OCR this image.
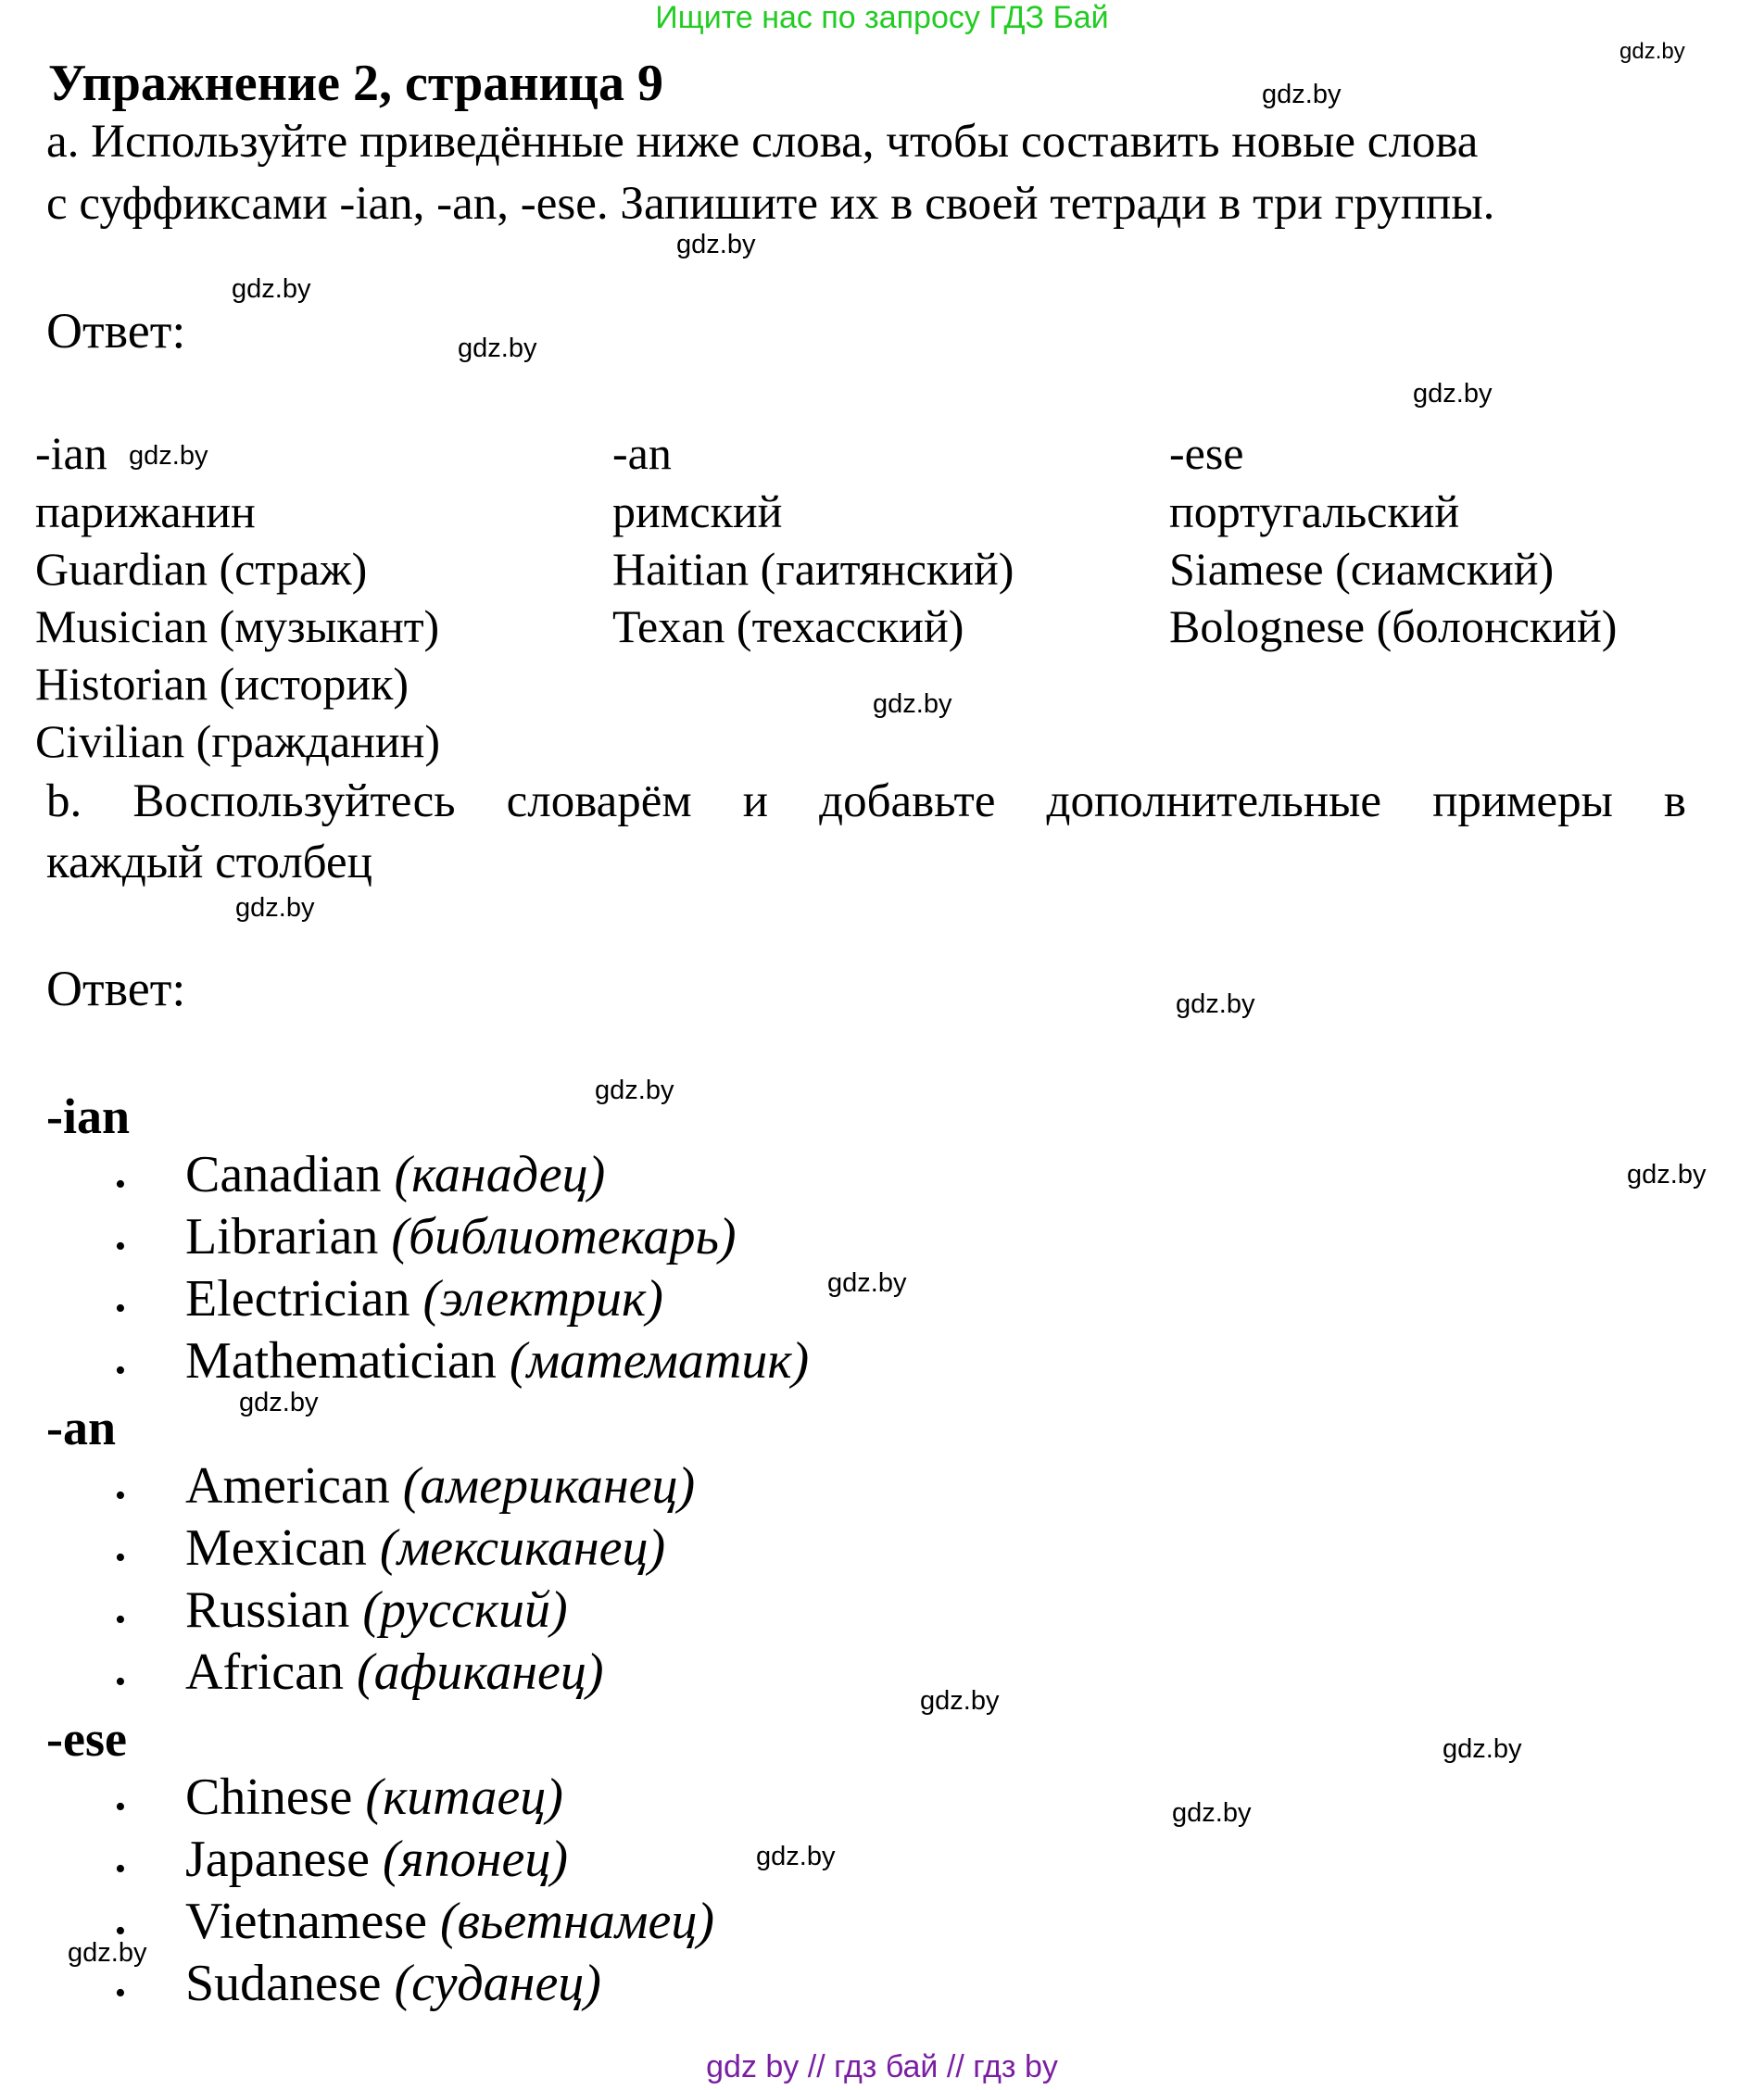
Ищите нас по запросу ГДЗ Бай
Упражнение 2, страница 9
а. Используйте приведённые ниже слова, чтобы составить новые слова
с суффиксами -ian, -an, -ese. Запишите их в своей тетради в три группы.
Ответ:
-ian
парижанин
Guardian (страж)
Musician (музыкант)
Historian (историк)
Civilian (гражданин)
-an
римский
Haitian (гаитянский)
Texan (техасский)
-ese
португальский
Siamese (сиамский)
Bolognese (болонский)
b. Воспользуйтесь словарём и добавьте дополнительные примеры в
каждый столбец
Ответ:
-ian
• Canadian (канадец)
• Librarian (библиотекарь)
• Electrician (электрик)
• Mathematician (математик)
-an
• American (американец)
• Mexican (мексиканец)
• Russian (русский)
• African (афиканец)
-ese
• Chinese (китаец)
• Japanese (японец)
• Vietnamese (вьетнамец)
• Sudanese (суданец)
gdz.by
gdz.by
gdz.by
gdz.by
gdz.by
gdz.by
gdz.by
gdz.by
gdz.by
gdz.by
gdz.by
gdz.by
gdz.by
gdz.by
gdz.by
gdz.by
gdz.by
gdz.by
gdz.by
gdz by // гдз бай // гдз by
